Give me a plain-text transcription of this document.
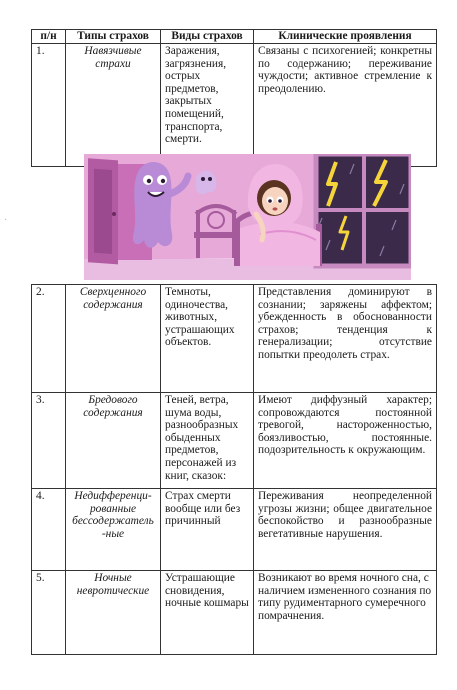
·
п/н	Типы страхов	Виды страхов	Клинические проявления
1.	Навязчивые страхи	Заражения, загрязнения, острых предметов, закрытых помещений, транспорта, смерти.	Связаны с психогенией; конкретны по содержанию; переживание чуждости; активное стремление к преодолению.
2.	Сверхценного содержания	Темноты, одиночества, животных, устрашающих объектов.	Представления доминируют в сознании; заряжены аффектом; убежденность в обоснованности страхов; тенденция к генерализации; отсутствие попытки преодолеть страх.
3.	Бредового содержания	Теней, ветра, шума воды, разнообразных обыденных предметов, персонажей из книг, сказок:	Имеют диффузный характер; сопровождаются постоянной тревогой, настороженностью, боязливостью, постоянные. подозрительность к окружающим.
4.	Недифференци-рованные бессодержатель -ные	Страх смерти вообще или без причинный	Переживания неопределенной угрозы жизни; общее двигательное беспокойство и разнообразные вегетативные нарушения.
5.	Ночные невротические	Устрашающие сновидения, ночные кошмары	Возникают во время ночного сна, с наличием измененного сознания по типу рудиментарного сумеречного помрачнения.
